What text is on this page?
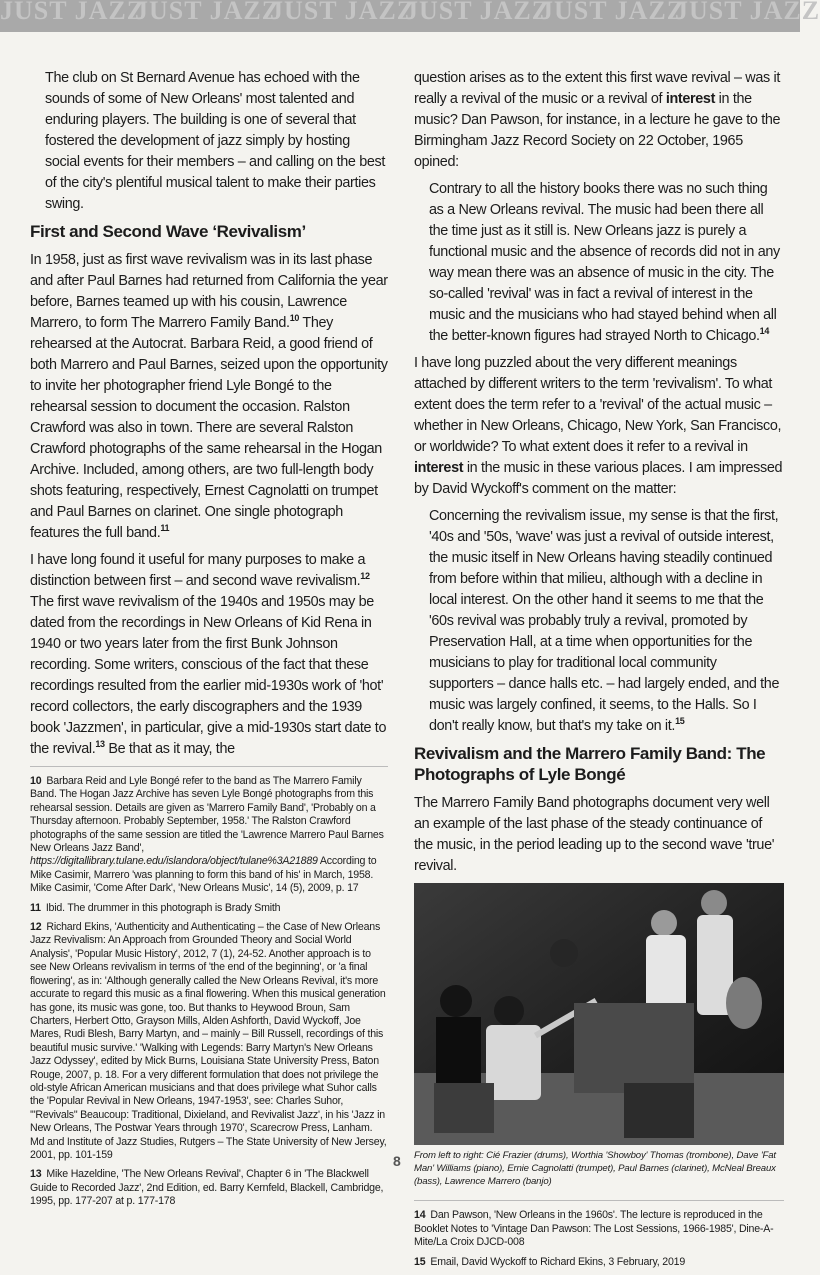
JUST JAZZ
JUST JAZZ
JUST JAZZ
JUST JAZZ
JUST JAZZ
JUST JAZZ

The club on St Bernard Avenue has echoed with the sounds of some of New Orleans' most talented and enduring players. The building is one of several that fostered the development of jazz simply by hosting social events for their members – and calling on the best of the city's plentiful musical talent to make their parties swing.

First and Second Wave ‘Revivalism’

In 1958, just as first wave revivalism was in its last phase and after Paul Barnes had returned from California the year before, Barnes teamed up with his cousin, Lawrence Marrero, to form The Marrero Family Band.$^{10}$ They rehearsed at the Autocrat. Barbara Reid, a good friend of both Marrero and Paul Barnes, seized upon the opportunity to invite her photographer friend Lyle Bongé to the rehearsal session to document the occasion. Ralston Crawford was also in town. There are several Ralston Crawford photographs of the same rehearsal in the Hogan Archive. Included, among others, are two full-length body shots featuring, respectively, Ernest Cagnolatti on trumpet and Paul Barnes on clarinet. One single photograph features the full band.$^{11}$

I have long found it useful for many purposes to make a distinction between first – and second wave revivalism.$^{12}$ The first wave revivalism of the 1940s and 1950s may be dated from the recordings in New Orleans of Kid Rena in 1940 or two years later from the first Bunk Johnson recording. Some writers, conscious of the fact that these recordings resulted from the earlier mid-1930s work of 'hot' record collectors, the early discographers and the 1939 book 'Jazzmen', in particular, give a mid-1930s start date to the revival.$^{13}$ Be that as it may, the

10 Barbara Reid and Lyle Bongé refer to the band as The Marrero Family Band. The Hogan Jazz Archive has seven Lyle Bongé photographs from this rehearsal session. Details are given as 'Marrero Family Band', 'Probably on a Thursday afternoon. Probably September, 1958.' The Ralston Crawford photographs of the same session are titled the 'Lawrence Marrero Paul Barnes New Orleans Jazz Band', https://digitallibrary.tulane.edu/islandora/object/tulane%3A21889 According to Mike Casimir, Marrero 'was planning to form this band of his' in March, 1958. Mike Casimir, 'Come After Dark', 'New Orleans Music', 14 (5), 2009, p. 17

11 Ibid. The drummer in this photograph is Brady Smith

12 Richard Ekins, 'Authenticity and Authenticating – the Case of New Orleans Jazz Revivalism: An Approach from Grounded Theory and Social World Analysis', 'Popular Music History', 2012, 7 (1), 24-52. Another approach is to see New Orleans revivalism in terms of 'the end of the beginning', or 'a final flowering', as in: 'Although generally called the New Orleans Revival, it's more accurate to regard this music as a final flowering. When this musical generation has gone, its music was gone, too. But thanks to Heywood Broun, Sam Charters, Herbert Otto, Grayson Mills, Alden Ashforth, David Wyckoff, Joe Mares, Rudi Blesh, Barry Martyn, and – mainly – Bill Russell, recordings of this beautiful music survive.' 'Walking with Legends: Barry Martyn's New Orleans Jazz Odyssey', edited by Mick Burns, Louisiana State University Press, Baton Rouge, 2007, p. 18. For a very different formulation that does not privilege the old-style African American musicians and that does privilege what Suhor calls the 'Popular Revival in New Orleans, 1947-1953', see: Charles Suhor, '"Revivals" Beaucoup: Traditional, Dixieland, and Revivalist Jazz', in his 'Jazz in New Orleans, The Postwar Years through 1970', Scarecrow Press, Lanham. Md and Institute of Jazz Studies, Rutgers – The State University of New Jersey, 2001, pp. 101-159

13 Mike Hazeldine, 'The New Orleans Revival', Chapter 6 in 'The Blackwell Guide to Recorded Jazz', 2nd Edition, ed. Barry Kernfeld, Blackell, Cambridge, 1995, pp. 177-207 at p. 177-178

question arises as to the extent this first wave revival – was it really a revival of the music or a revival of interest in the music? Dan Pawson, for instance, in a lecture he gave to the Birmingham Jazz Record Society on 22 October, 1965 opined:

Contrary to all the history books there was no such thing as a New Orleans revival. The music had been there all the time just as it still is. New Orleans jazz is purely a functional music and the absence of records did not in any way mean there was an absence of music in the city. The so-called 'revival' was in fact a revival of interest in the music and the musicians who had stayed behind when all the better-known figures had strayed North to Chicago.$^{14}$

I have long puzzled about the very different meanings attached by different writers to the term 'revivalism'. To what extent does the term refer to a 'revival' of the actual music – whether in New Orleans, Chicago, New York, San Francisco, or worldwide? To what extent does it refer to a revival in interest in the music in these various places. I am impressed by David Wyckoff's comment on the matter:

Concerning the revivalism issue, my sense is that the first, '40s and '50s, 'wave' was just a revival of outside interest, the music itself in New Orleans having steadily continued from before within that milieu, although with a decline in local interest. On the other hand it seems to me that the '60s revival was probably truly a revival, promoted by Preservation Hall, at a time when opportunities for the musicians to play for traditional local community supporters – dance halls etc. – had largely ended, and the music was largely confined, it seems, to the Halls. So I don't really know, but that's my take on it.$^{15}$

Revivalism and the Marrero Family Band: The Photographs of Lyle Bongé

The Marrero Family Band photographs document very well an example of the last phase of the steady continuance of the music, in the period leading up to the second wave 'true' revival.

From left to right: Cié Frazier (drums), Worthia 'Showboy' Thomas (trombone), Dave 'Fat Man' Williams (piano), Ernie Cagnolatti (trumpet), Paul Barnes (clarinet), McNeal Breaux (bass), Lawrence Marrero (banjo)

14 Dan Pawson, 'New Orleans in the 1960s'. The lecture is reproduced in the Booklet Notes to 'Vintage Dan Pawson: The Lost Sessions, 1966-1985', Dine-A-Mite/La Croix DJCD-008

15 Email, David Wyckoff to Richard Ekins, 3 February, 2019

8
